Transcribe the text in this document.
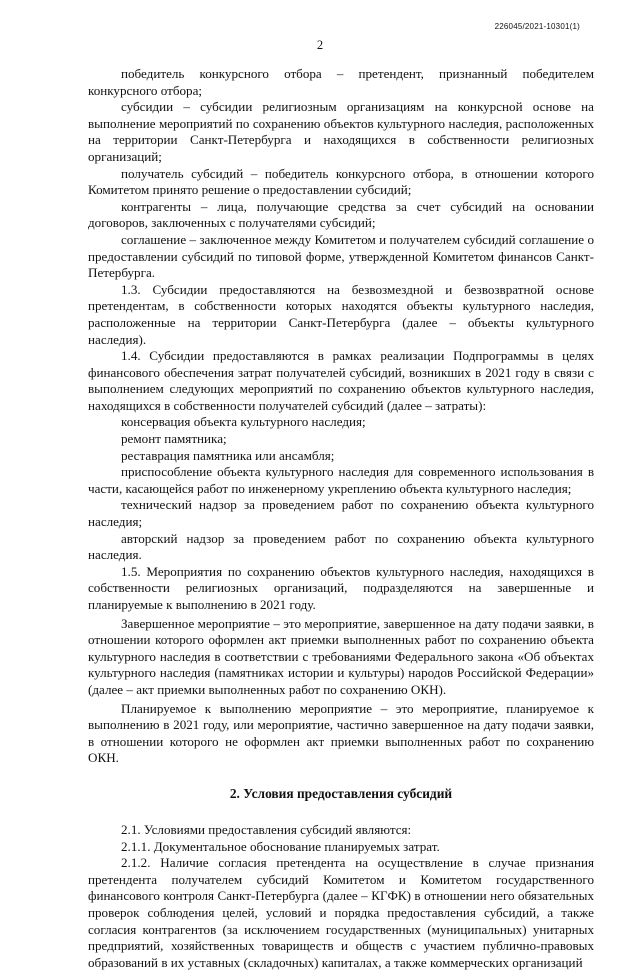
226045/2021-10301(1)
2

победитель конкурсного отбора – претендент, признанный победителем конкурсного отбора;

субсидии – субсидии религиозным организациям на конкурсной основе на выполнение мероприятий по сохранению объектов культурного наследия, расположенных на территории Санкт-Петербурга и находящихся в собственности религиозных организаций;

получатель субсидий – победитель конкурсного отбора, в отношении которого Комитетом принято решение о предоставлении субсидий;

контрагенты – лица, получающие средства за счет субсидий на основании договоров, заключенных с получателями субсидий;

соглашение – заключенное между Комитетом и получателем субсидий соглашение о предоставлении субсидий по типовой форме, утвержденной Комитетом финансов Санкт-Петербурга.

1.3. Субсидии предоставляются на безвозмездной и безвозвратной основе претендентам, в собственности которых находятся объекты культурного наследия, расположенные на территории Санкт-Петербурга (далее – объекты культурного наследия).

1.4. Субсидии предоставляются в рамках реализации Подпрограммы в целях финансового обеспечения затрат получателей субсидий, возникших в 2021 году в связи с выполнением следующих мероприятий по сохранению объектов культурного наследия, находящихся в собственности получателей субсидий (далее – затраты):

консервация объекта культурного наследия;

ремонт памятника;

реставрация памятника или ансамбля;

приспособление объекта культурного наследия для современного использования в части, касающейся работ по инженерному укреплению объекта культурного наследия;

технический надзор за проведением работ по сохранению объекта культурного наследия;

авторский надзор за проведением работ по сохранению объекта культурного наследия.

1.5. Мероприятия по сохранению объектов культурного наследия, находящихся в собственности религиозных организаций, подразделяются на завершенные и планируемые к выполнению в 2021 году.

Завершенное мероприятие – это мероприятие, завершенное на дату подачи заявки, в отношении которого оформлен акт приемки выполненных работ по сохранению объекта культурного наследия в соответствии с требованиями Федерального закона «Об объектах культурного наследия (памятниках истории и культуры) народов Российской Федерации» (далее – акт приемки выполненных работ по сохранению ОКН).

Планируемое к выполнению мероприятие – это мероприятие, планируемое к выполнению в 2021 году, или мероприятие, частично завершенное на дату подачи заявки, в отношении которого не оформлен акт приемки выполненных работ по сохранению ОКН.

2. Условия предоставления субсидий

2.1. Условиями предоставления субсидий являются:

2.1.1. Документальное обоснование планируемых затрат.

2.1.2. Наличие согласия претендента на осуществление в случае признания претендента получателем субсидий Комитетом и Комитетом государственного финансового контроля Санкт-Петербурга (далее – КГФК) в отношении него обязательных проверок соблюдения целей, условий и порядка предоставления субсидий, а также согласия контрагентов (за исключением государственных (муниципальных) унитарных предприятий, хозяйственных товариществ и обществ с участием публично-правовых образований в их уставных (складочных) капиталах, а также коммерческих организаций
